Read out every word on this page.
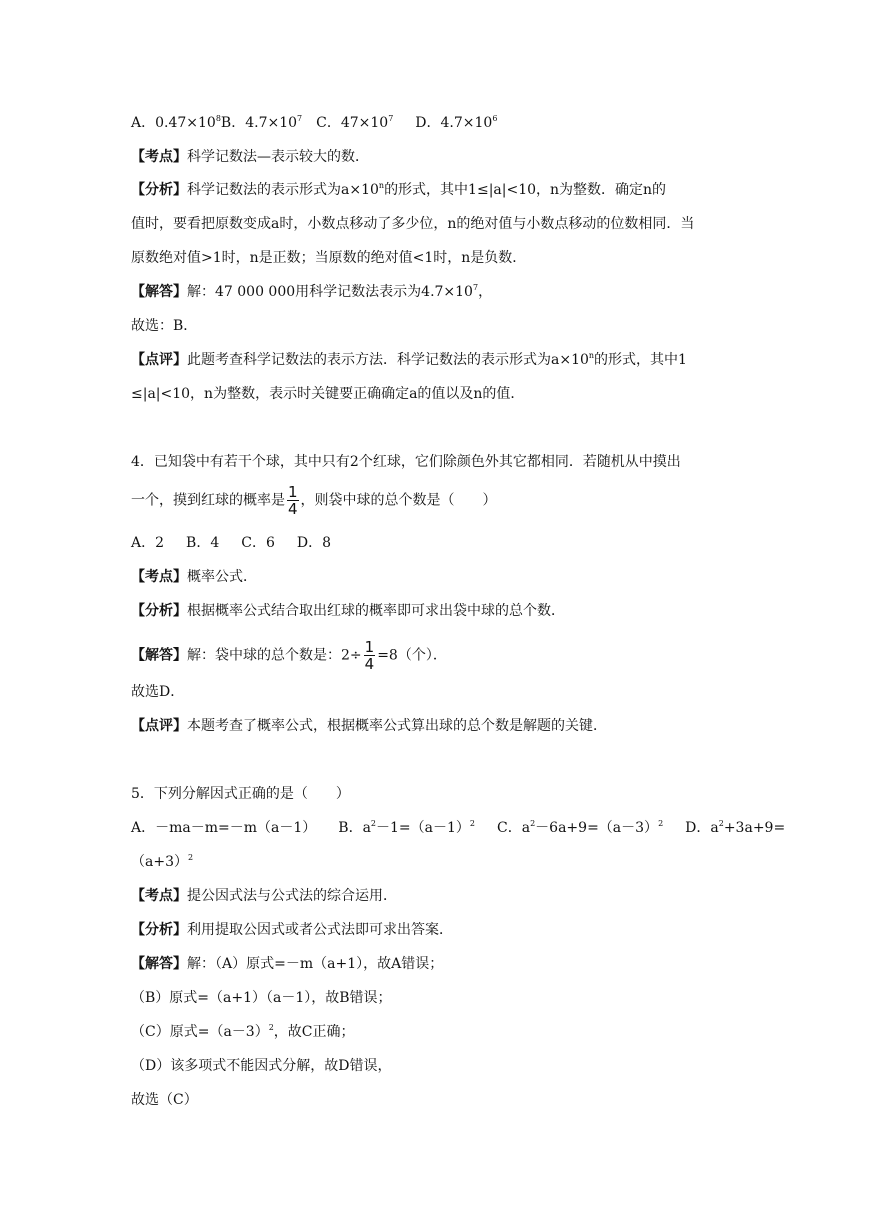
A．$0.47\times 10^8B$．$4.7\times 10^7$ C．$47\times 10^7$ D．$4.7\times 10^6$
【考点】科学记数法—表示较大的数．
【分析】科学记数法的表示形式为$a\times 10^n$的形式，其中1≤|a|<10，n为整数．确定n的
值时，要看把原数变成a时，小数点移动了多少位，n的绝对值与小数点移动的位数相同．当
原数绝对值>1时，n是正数；当原数的绝对值<1时，n是负数．
【解答】解：47 000 000用科学记数法表示为$4.7\times 10^7$，
故选：B．
【点评】此题考查科学记数法的表示方法．科学记数法的表示形式为$a\times 10^n$的形式，其中1
≤|a|<10，n为整数，表示时关键要正确确定a的值以及n的值．
4．已知袋中有若干个球，其中只有2个红球，它们除颜色外其它都相同．若随机从中摸出
一个，摸到红球的概率是 $\frac{1}{4}$ ，则袋中球的总个数是（　　）
A．2 B．4 C．6 D．8
【考点】概率公式．
【分析】根据概率公式结合取出红球的概率即可求出袋中球的总个数．
【解答】解：袋中球的总个数是：$2\div \frac{1}{4} =8$（个）．
故选D．
【点评】本题考查了概率公式，根据概率公式算出球的总个数是解题的关键．
5．下列分解因式正确的是（　　）
A．－ma－m=－m（a－1） B．$a^2-1=(a-1)^2$ C．$a^2-6a+9=(a-3)^2$ D．$a^2+3a+9=$
$(a+3)^2$
【考点】提公因式法与公式法的综合运用．
【分析】利用提取公因式或者公式法即可求出答案．
【解答】解：（A）原式=－m（a+1），故A错误；
（B）原式=（a+1）（a－1），故B错误；
（C）原式$=(a-3)^2$，故C正确；
（D）该多项式不能因式分解，故D错误，
故选（C）
